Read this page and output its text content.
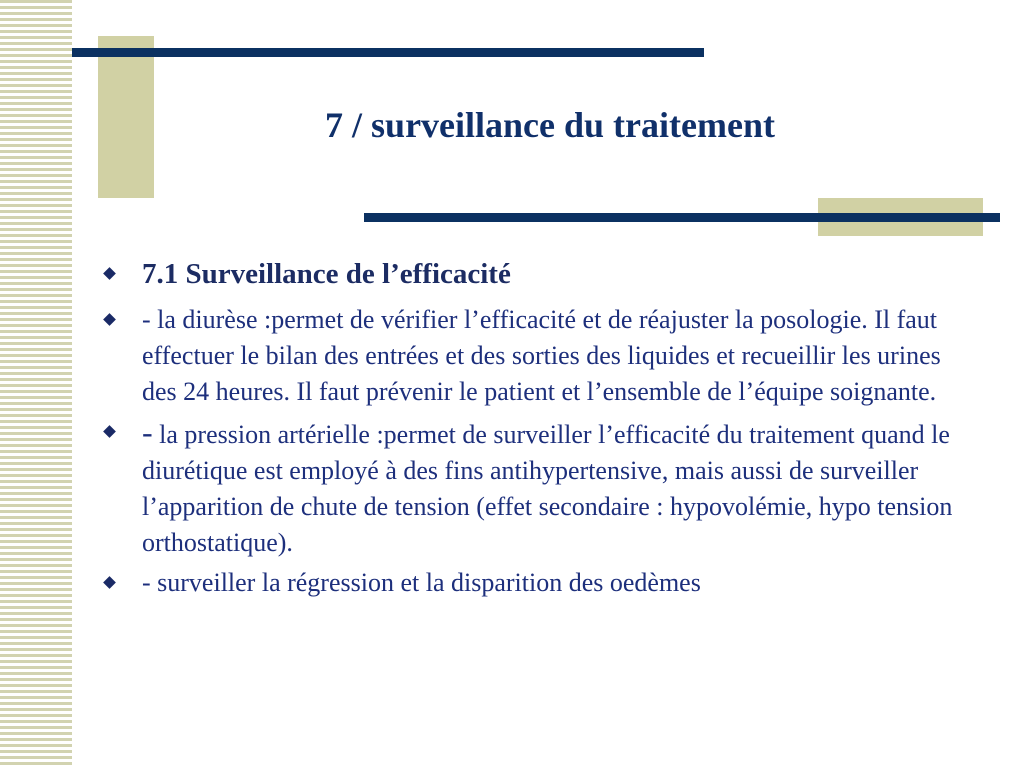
7 / surveillance du traitement
7.1 Surveillance de l’efficacité
- la diurèse :permet de vérifier l’efficacité et de réajuster la posologie. Il faut effectuer le bilan des entrées et des sorties des liquides et recueillir les urines des 24 heures. Il faut prévenir le patient et l’ensemble de l’équipe soignante.
- la pression artérielle :permet de surveiller l’efficacité du traitement quand le diurétique est employé à des fins antihypertensive, mais aussi de surveiller l’apparition de chute de tension (effet secondaire : hypovolémie, hypo tension orthostatique).
- surveiller la régression et la disparition des oedèmes
